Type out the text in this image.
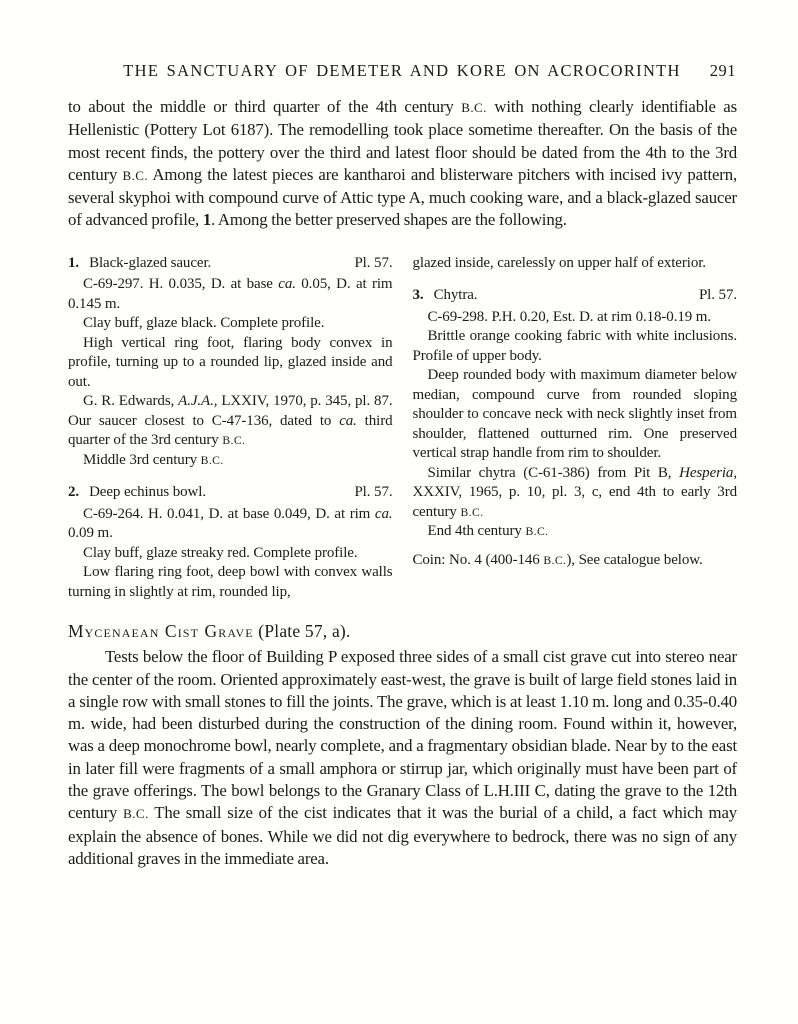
THE SANCTUARY OF DEMETER AND KORE ON ACROCORINTH 291

to about the middle or third quarter of the 4th century B.C. with nothing clearly identifiable as Hellenistic (Pottery Lot 6187). The remodelling took place sometime thereafter. On the basis of the most recent finds, the pottery over the third and latest floor should be dated from the 4th to the 3rd century B.C. Among the latest pieces are kantharoi and blisterware pitchers with incised ivy pattern, several skyphoi with compound curve of Attic type A, much cooking ware, and a black-glazed saucer of advanced profile, 1. Among the better preserved shapes are the following.

1. Black-glazed saucer.	Pl. 57.

C-69-297. H. 0.035, D. at base ca. 0.05, D. at rim 0.145 m.

Clay buff, glaze black. Complete profile.

High vertical ring foot, flaring body convex in profile, turning up to a rounded lip, glazed inside and out.

G. R. Edwards, A.J.A., LXXIV, 1970, p. 345, pl. 87. Our saucer closest to C-47-136, dated to ca. third quarter of the 3rd century B.C.

Middle 3rd century B.C.

2. Deep echinus bowl.	Pl. 57.

C-69-264. H. 0.041, D. at base 0.049, D. at rim ca. 0.09 m.

Clay buff, glaze streaky red. Complete profile.

Low flaring ring foot, deep bowl with convex walls turning in slightly at rim, rounded lip,

glazed inside, carelessly on upper half of exterior.

3. Chytra.	Pl. 57.

C-69-298. P.H. 0.20, Est. D. at rim 0.18-0.19 m.

Brittle orange cooking fabric with white inclusions. Profile of upper body.

Deep rounded body with maximum diameter below median, compound curve from rounded sloping shoulder to concave neck with neck slightly inset from shoulder, flattened outturned rim. One preserved vertical strap handle from rim to shoulder.

Similar chytra (C-61-386) from Pit B, Hesperia, XXXIV, 1965, p. 10, pl. 3, c, end 4th to early 3rd century B.C.

End 4th century B.C.

Coin: No. 4 (400-146 B.C.), See catalogue below.

Mycenaean Cist Grave (Plate 57, a).

Tests below the floor of Building P exposed three sides of a small cist grave cut into stereo near the center of the room. Oriented approximately east-west, the grave is built of large field stones laid in a single row with small stones to fill the joints. The grave, which is at least 1.10 m. long and 0.35-0.40 m. wide, had been disturbed during the construction of the dining room. Found within it, however, was a deep monochrome bowl, nearly complete, and a fragmentary obsidian blade. Near by to the east in later fill were fragments of a small amphora or stirrup jar, which originally must have been part of the grave offerings. The bowl belongs to the Granary Class of L.H.III C, dating the grave to the 12th century B.C. The small size of the cist indicates that it was the burial of a child, a fact which may explain the absence of bones. While we did not dig everywhere to bedrock, there was no sign of any additional graves in the immediate area.
